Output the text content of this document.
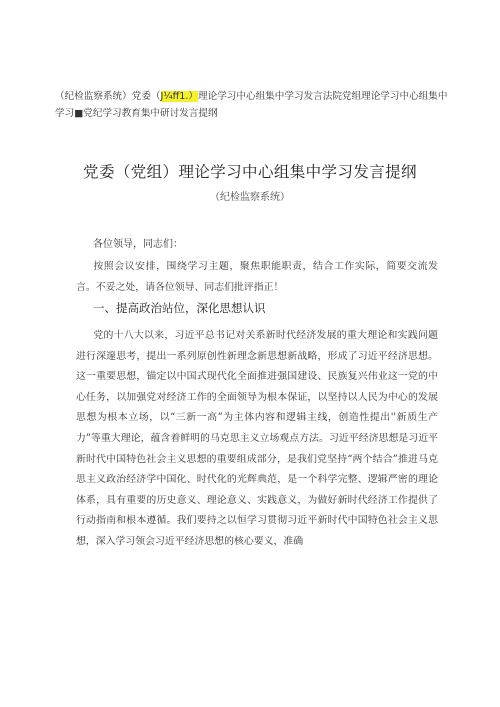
（纪检监察系统）党委（J¼ff1.）理论学习中心组集中学习发言法院党组理论学习中心组集中学习■党纪学习教育集中研讨发言提纲
党委（党组）理论学习中心组集中学习发言提纲
（纪检监察系统）
各位领导，同志们：
按照会议安排，围绕学习主题，聚焦职能职责，结合工作实际，简要交流发言。不妥之处，请各位领导、同志们批评指正！
一、提高政治站位，深化思想认识
党的十八大以来，习近平总书记对关系新时代经济发展的重大理论和实践问题进行深邃思考，提出一系列原创性新理念新思想新战略，形成了习近平经济思想。这一重要思想，锚定以中国式现代化全面推进强国建设、民族复兴伟业这一党的中心任务，以加强党对经济工作的全面领导为根本保证，以坚持以人民为中心的发展思想为根本立场，以“三新一高”为主体内容和逻辑主线，创造性提出''新质生产力”等重大理论，蕴含着鲜明的马克思主义立场观点方法。习近平经济思想是习近平新时代中国特色社会主义思想的重要组成部分，是我们党坚持“两个结合”推进马克思主义政治经济学中国化、时代化的光辉典范，是一个科学完整、逻辑严密的理论体系，具有重要的历史意义、理论意义、实践意义，为做好新时代经济工作提供了行动指南和根本遵循。我们要持之以恒学习贯彻习近平新时代中国特色社会主义思想，深入学习领会习近平经济思想的核心要义，准确
